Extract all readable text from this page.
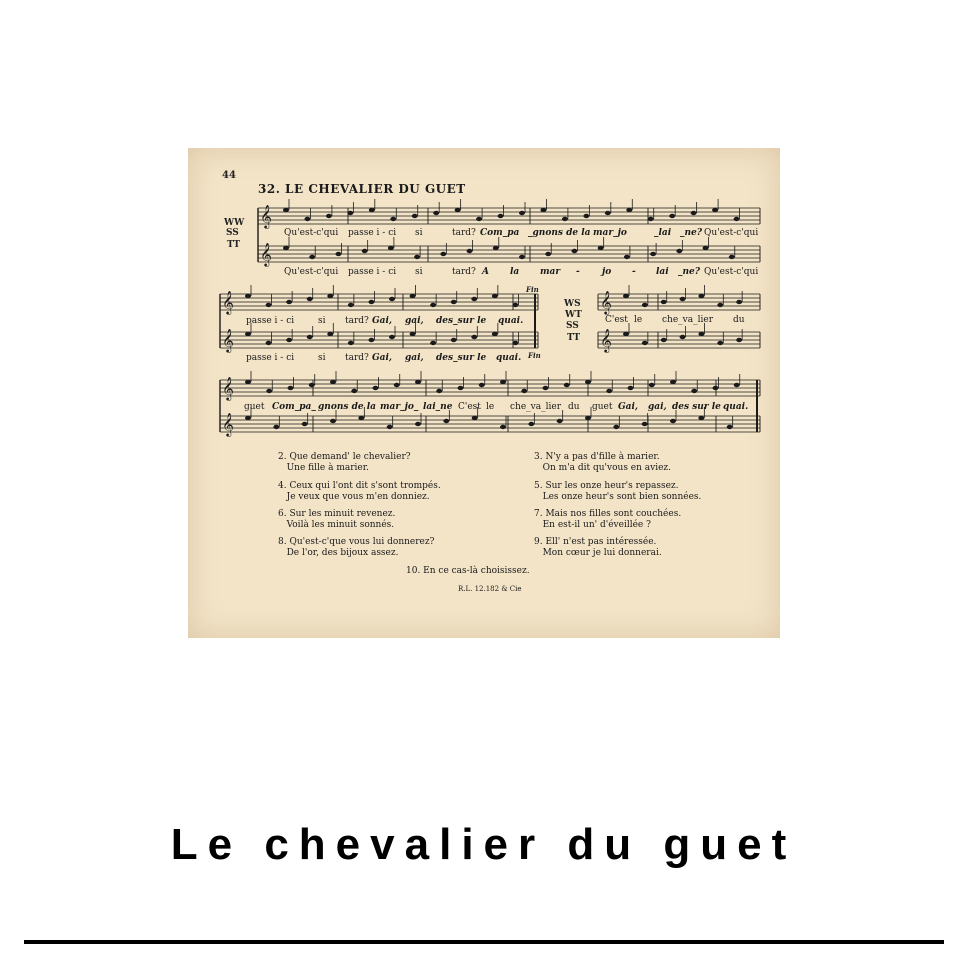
𝄞
𝄞
𝄞
𝄞
𝄞
𝄞
𝄞
𝄞
44
32. LE CHEVALIER DU GUET
WW
SS
TT
WS
WT
SS
TT
Qu'est-c'qui passe i - ci si	tard? Com_pa _gnons de la mar_jo	_lai _ne? Qu'est-c'qui
Qu'est-c'qui passe i - ci si	tard? A la mar - jo - lai _ne? Qu'est-c'qui
passe i - ci	si tard? Gai, gai, des_sur le quai.
Fin
passe i - ci	si tard? Gai, gai, des_sur le quai. Fin
C'est le che_va_lier du
guet Com_pa_ gnons de la mar_jo_ lai_ne C'est le che_va_lier du guet Gai, gai, des sur le quai.
2. Que demand' le chevalier?
Une fille à marier.
4. Ceux qui l'ont dit s'sont trompés.
Je veux que vous m'en donniez.
6. Sur les minuit revenez.
Voilà les minuit sonnés.
8. Qu'est-c'que vous lui donnerez?
De l'or, des bijoux assez.
3. N'y a pas d'fille à marier.
On m'a dit qu'vous en aviez.
5. Sur les onze heur's repassez.
Les onze heur's sont bien sonnées.
7. Mais nos filles sont couchées.
En est-il un' d'éveillée ?
9. Ell' n'est pas intéressée.
Mon cœur je lui donnerai.
10. En ce cas-là choisissez.
R.L. 12.182 & Cie
Le chevalier du guet
